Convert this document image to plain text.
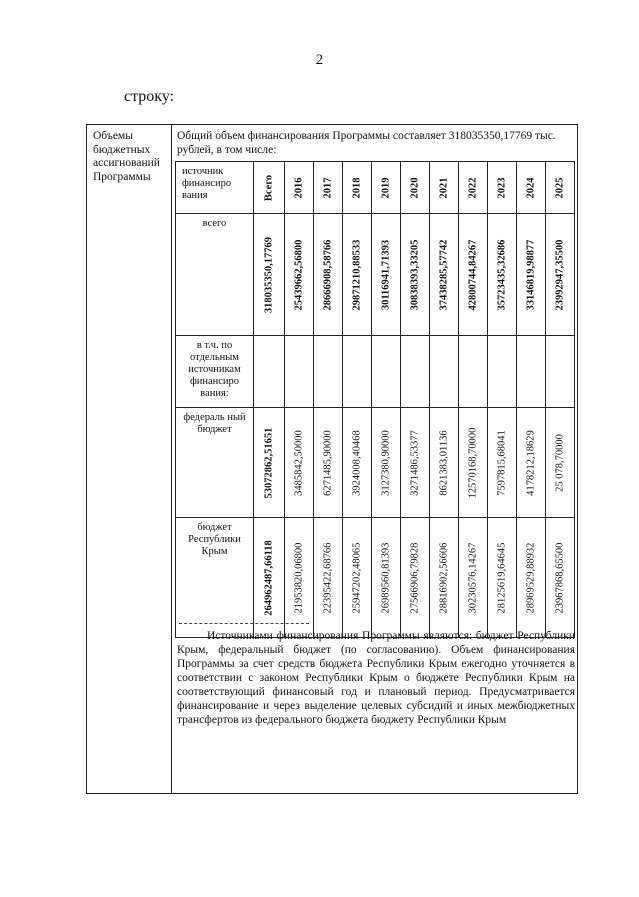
2
строку:
Объемы бюджетных ассигнований Программы
Общий объем финансирования Программы составляет 318035350,17769 тыс. рублей, в том числе:
источник финансиро вания	Всего	2016	2017	2018	2019	2020	2021	2022	2023	2024	2025

всего	318035350,17769	25439662,56800	28666908,58766	29871210,88533	30116941,71393	30838393,33205	37438285,57742	42800744,84267	35723435,32686	33146819,98877	23992947,35500

в т.ч. по отдельным источникам финансиро вания:											
федераль ный бюджет	53072862,51651	3485842,50000	6271485,90000	3924008,40468	3127380,90000	3271486,53377	8621383,01136	12570168,70000	7597815,68041	4178212,18629	25 078,70000

бюджет Республики Крым	264962487,66118	21953820,06800	22395422,68766	25947202,48065	26989560,81393	27566906,79828	28816902,56606	30230576,14267	28125619,64645	28969529,88932	23967868,65500
Источниками финансирования Программы являются: бюджет Республики Крым, федеральный бюджет (по согласованию). Объем финансирования Программы за счет средств бюджета Республики Крым ежегодно уточняется в соответствии с законом Республики Крым о бюджете Республики Крым на соответствующий финансовый год и плановый период. Предусматривается финансирование и через выделение целевых субсидий и иных межбюджетных трансфертов из федерального бюджета бюджету Республики Крым
